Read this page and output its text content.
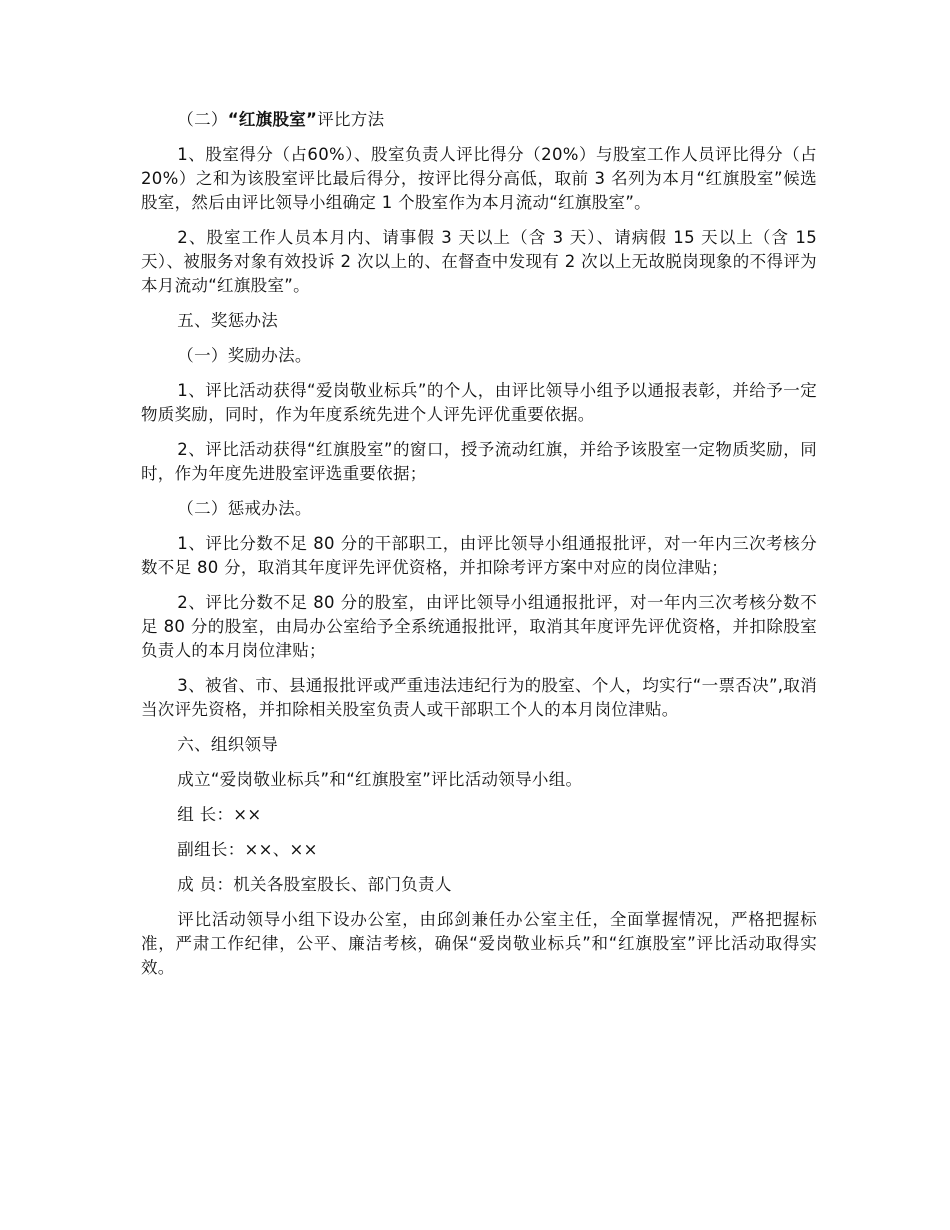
（二）“红旗股室”评比方法

1、股室得分（占60%）、股室负责人评比得分（20%）与股室工作人员评比得分（占20%）之和为该股室评比最后得分，按评比得分高低，取前 3 名列为本月“红旗股室”候选股室，然后由评比领导小组确定 1 个股室作为本月流动“红旗股室”。

2、股室工作人员本月内、请事假 3 天以上（含 3 天）、请病假 15 天以上（含 15 天）、被服务对象有效投诉 2 次以上的、在督查中发现有 2 次以上无故脱岗现象的不得评为本月流动“红旗股室”。

五、奖惩办法

（一）奖励办法。

1、评比活动获得“爱岗敬业标兵”的个人，由评比领导小组予以通报表彰，并给予一定物质奖励，同时，作为年度系统先进个人评先评优重要依据。

2、评比活动获得“红旗股室”的窗口，授予流动红旗，并给予该股室一定物质奖励，同时，作为年度先进股室评选重要依据；

（二）惩戒办法。

1、评比分数不足 80 分的干部职工，由评比领导小组通报批评，对一年内三次考核分数不足 80 分，取消其年度评先评优资格，并扣除考评方案中对应的岗位津贴；

2、评比分数不足 80 分的股室，由评比领导小组通报批评，对一年内三次考核分数不足 80 分的股室，由局办公室给予全系统通报批评，取消其年度评先评优资格，并扣除股室负责人的本月岗位津贴；

3、被省、市、县通报批评或严重违法违纪行为的股室、个人，均实行“一票否决”,取消当次评先资格，并扣除相关股室负责人或干部职工个人的本月岗位津贴。

六、组织领导

成立“爱岗敬业标兵”和“红旗股室”评比活动领导小组。

组 长：××

副组长：××、××

成 员：机关各股室股长、部门负责人

评比活动领导小组下设办公室，由邱剑兼任办公室主任，全面掌握情况，严格把握标准，严肃工作纪律，公平、廉洁考核，确保“爱岗敬业标兵”和“红旗股室”评比活动取得实效。
